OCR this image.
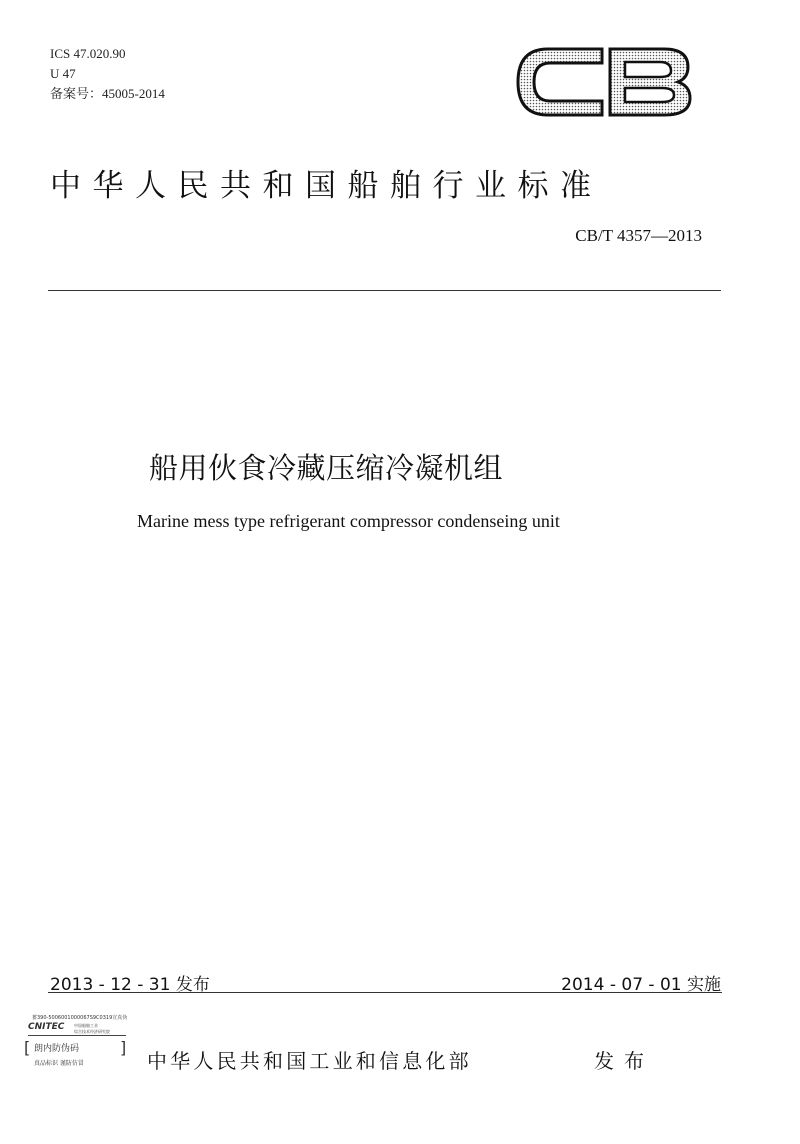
ICS 47.020.90
U 47
备案号：45005-2014
中华人民共和国船舶行业标准
CB/T 4357—2013
船用伙食冷藏压缩冷凝机组
Marine mess type refrigerant compressor condenseing unit
2013 - 12 - 31 发布	2014 - 07 - 01 实施
蓄390-5006001000067S9C0319宣真伪
CNITEC 中国船舶工业
综合技术经济研究院
[ 朗内防伪码	]
真品标识 谨防仿冒	中华人民共和国工业和信息化部	发布
